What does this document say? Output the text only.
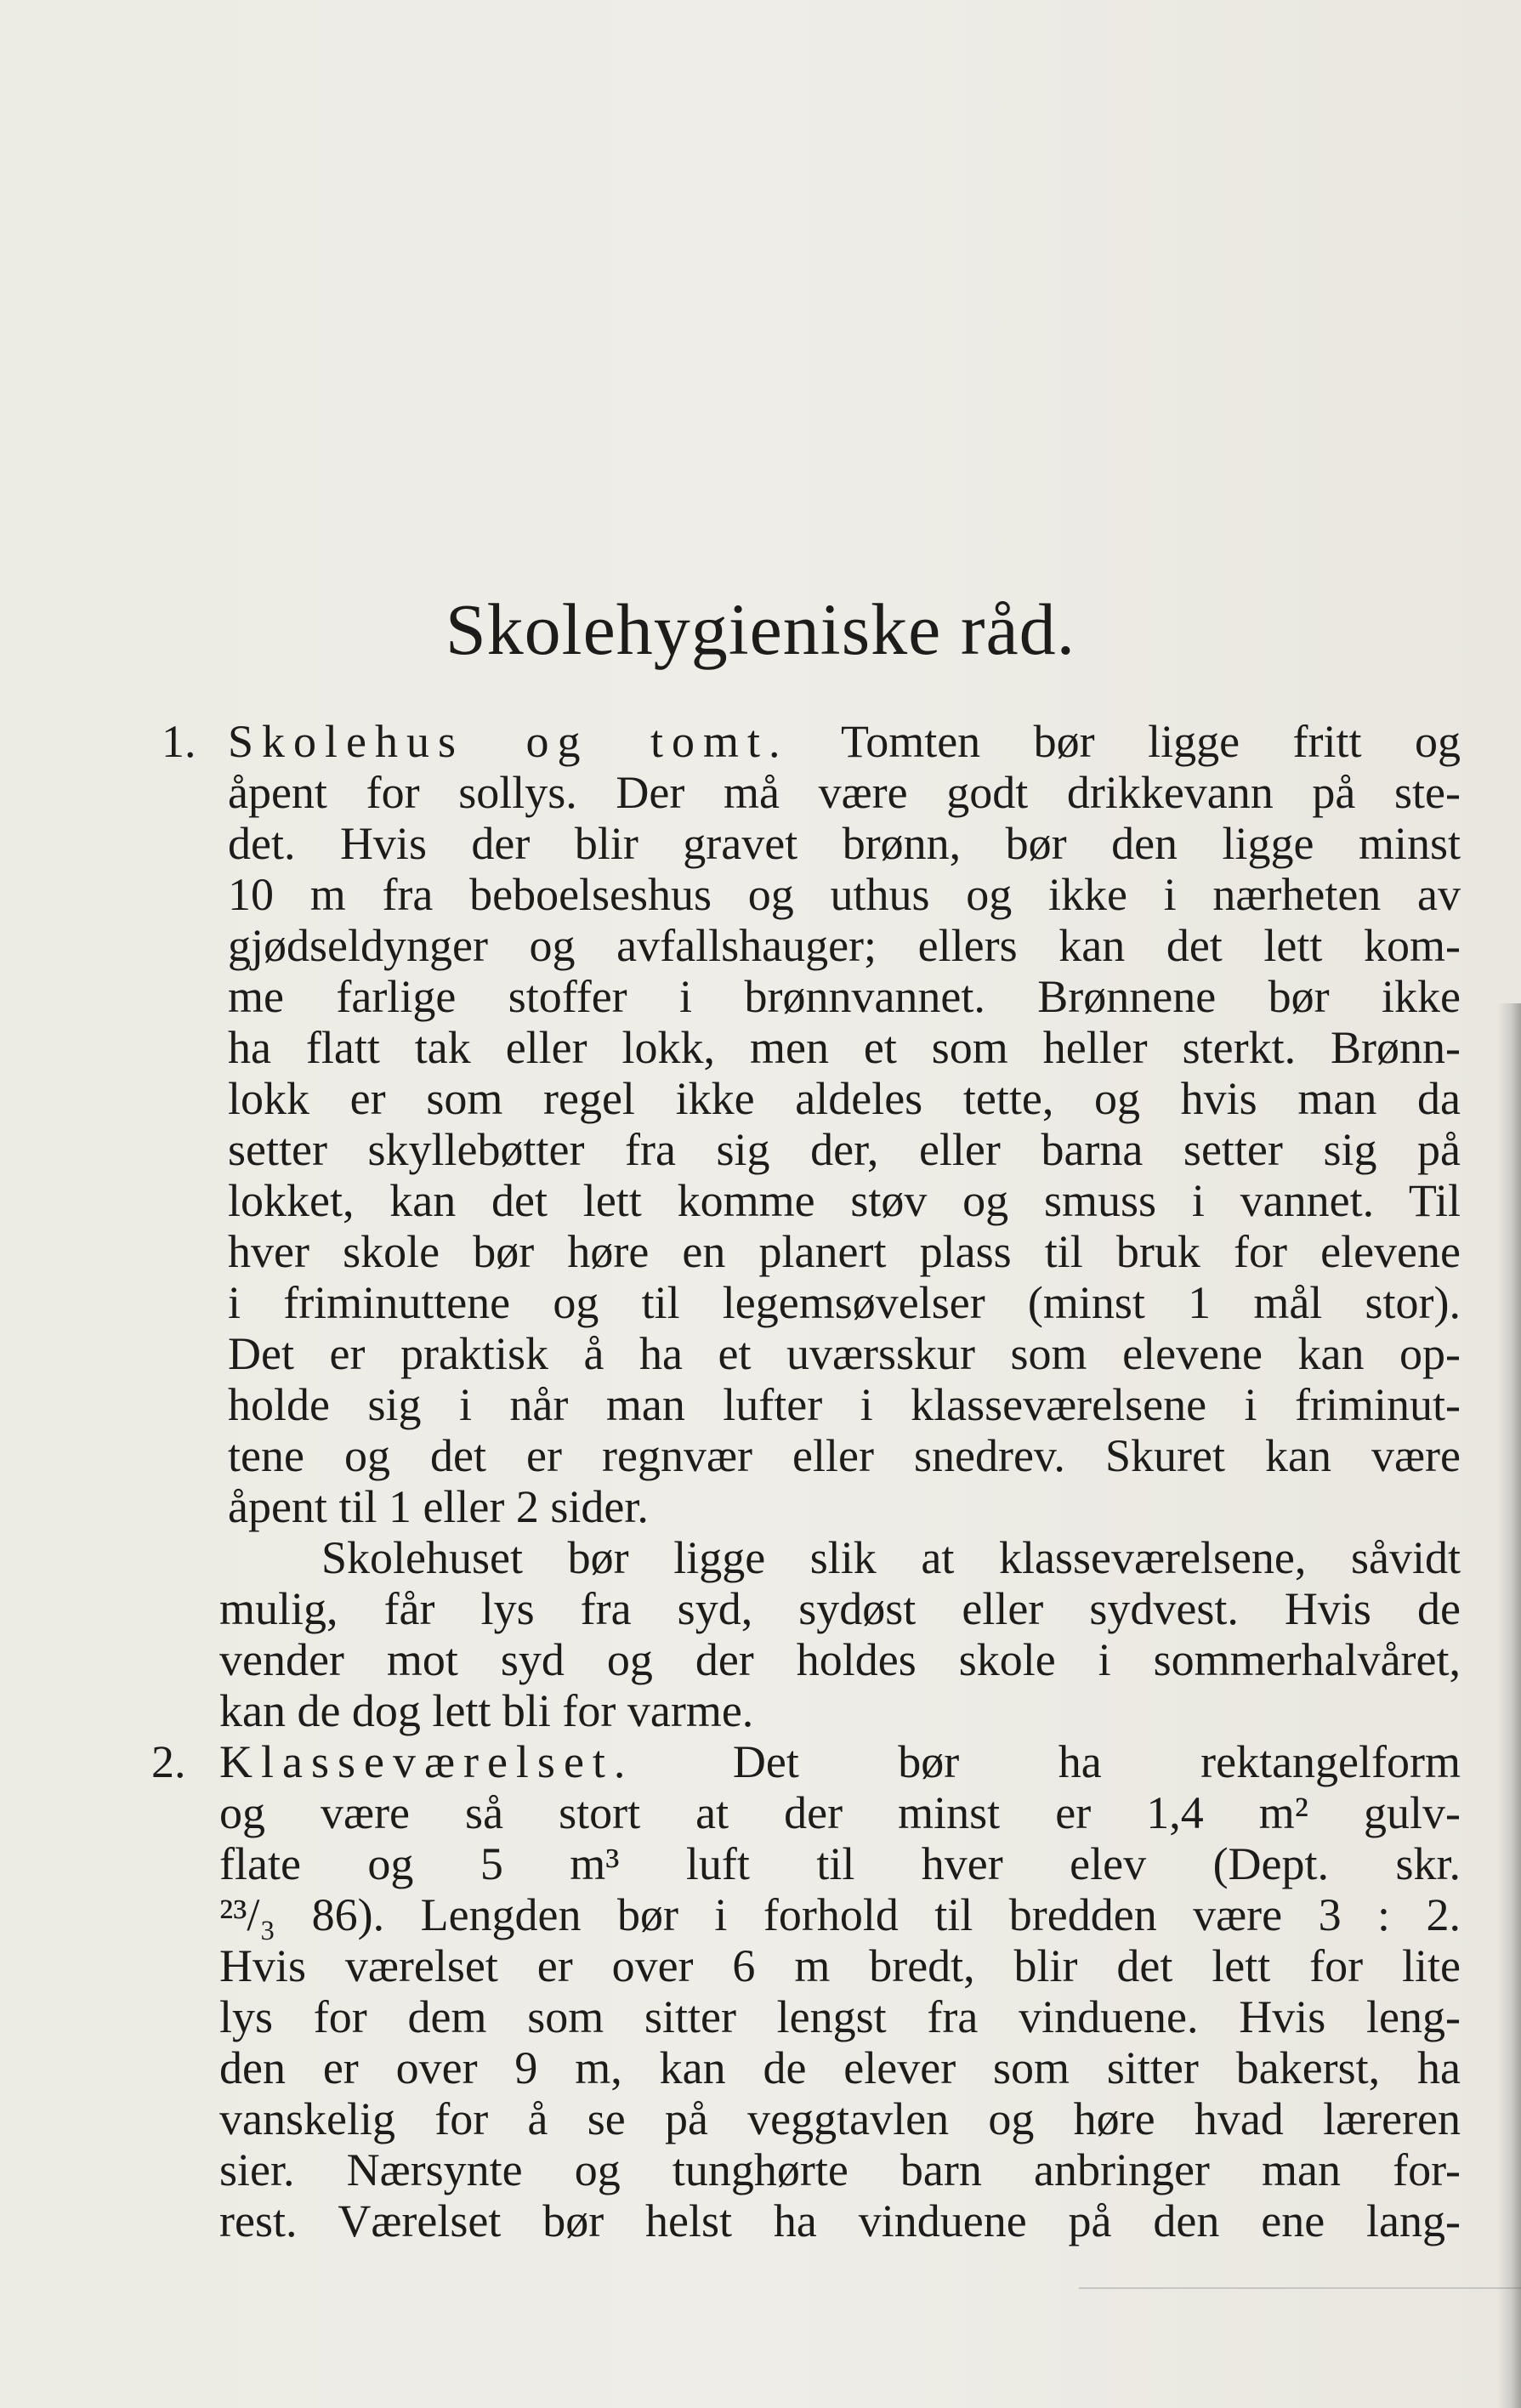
Skolehygieniske råd.
1. Skolehus og tomt. Tomten bør ligge fritt og
åpent for sollys. Der må være godt drikkevann på ste-
det. Hvis der blir gravet brønn, bør den ligge minst
10 m fra beboelseshus og uthus og ikke i nærheten av
gjødseldynger og avfallshauger; ellers kan det lett kom-
me farlige stoffer i brønnvannet. Brønnene bør ikke
ha flatt tak eller lokk, men et som heller sterkt. Brønn-
lokk er som regel ikke aldeles tette, og hvis man da
setter skyllebøtter fra sig der, eller barna setter sig på
lokket, kan det lett komme støv og smuss i vannet. Til
hver skole bør høre en planert plass til bruk for elevene
i friminuttene og til legemsøvelser (minst 1 mål stor).
Det er praktisk å ha et uværsskur som elevene kan op-
holde sig i når man lufter i klasseværelsene i friminut-
tene og det er regnvær eller snedrev. Skuret kan være
åpent til 1 eller 2 sider.
Skolehuset bør ligge slik at klasseværelsene, såvidt
mulig, får lys fra syd, sydøst eller sydvest. Hvis de
vender mot syd og der holdes skole i sommerhalvåret,
kan de dog lett bli for varme.
2. Klasseværelset. Det bør ha rektangelform
og være så stort at der minst er 1,4 m² gulv-
flate og 5 m³ luft til hver elev (Dept. skr.
²³/₃ 86). Lengden bør i forhold til bredden være 3 : 2.
Hvis værelset er over 6 m bredt, blir det lett for lite
lys for dem som sitter lengst fra vinduene. Hvis leng-
den er over 9 m, kan de elever som sitter bakerst, ha
vanskelig for å se på veggtavlen og høre hvad læreren
sier. Nærsynte og tunghørte barn anbringer man for-
rest. Værelset bør helst ha vinduene på den ene lang-
